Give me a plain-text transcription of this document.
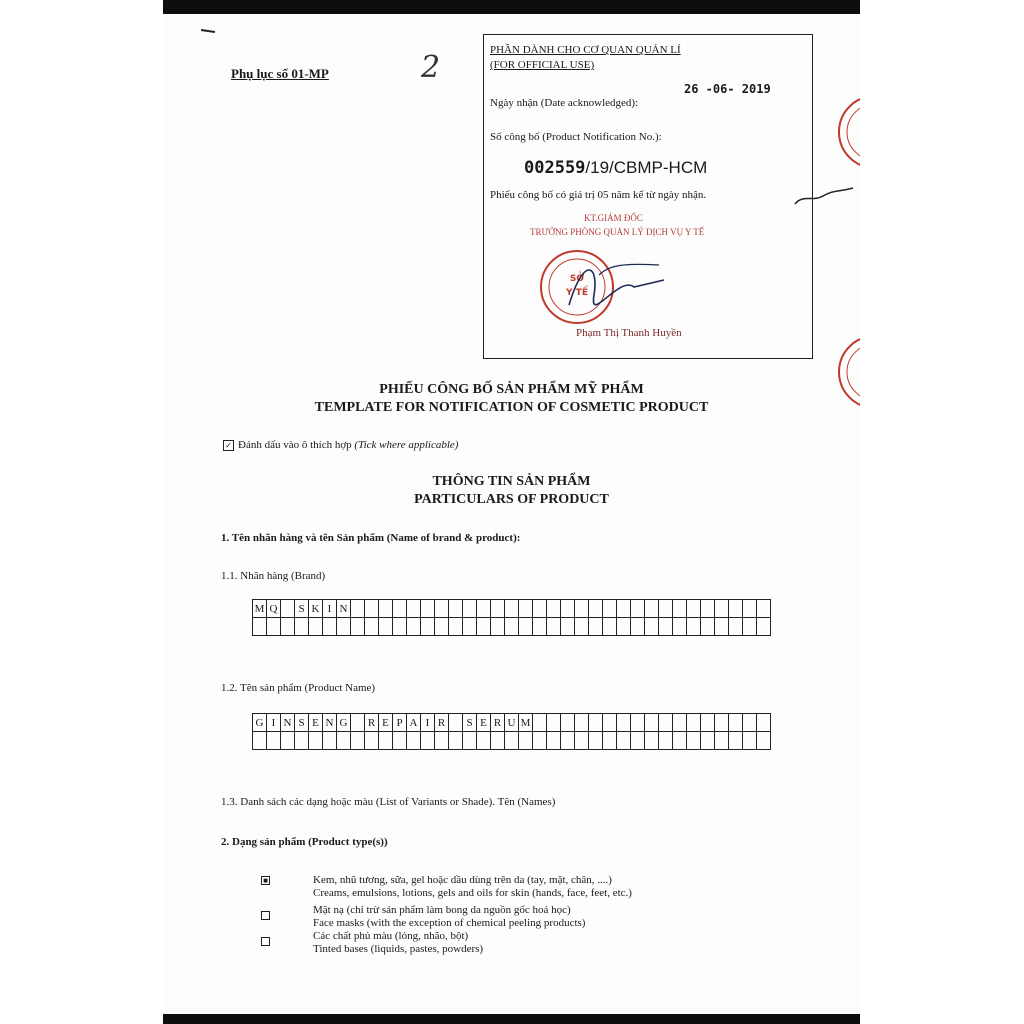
Phụ lục số 01-MP	2	PHẦN DÀNH CHO CƠ QUAN QUẢN LÍ
(FOR OFFICIAL USE)
Ngày nhận (Date acknowledged):
26 -06- 2019
Số công bố (Product Notification No.):
002559/19/CBMP-HCM
Phiếu công bố có giá trị 05 năm kể từ ngày nhận.
KT.GIÁM ĐỐC
TRƯỞNG PHÒNG QUẢN LÝ DỊCH VỤ Y TẾ
SỞ
Y TẾ
Phạm Thị Thanh Huyền
PHIẾU CÔNG BỐ SẢN PHẨM MỸ PHẨM
TEMPLATE FOR NOTIFICATION OF COSMETIC PRODUCT
✓ Đánh dấu vào ô thích hợp (Tick where applicable)
THÔNG TIN SẢN PHẨM
PARTICULARS OF PRODUCT
1. Tên nhãn hàng và tên Sản phẩm (Name of brand & product):
1.1. Nhãn hàng (Brand)
M	Q		S	K	I	N																														

1.2. Tên sản phẩm (Product Name)
G	I	N	S	E	N	G		R	E	P	A	I	R		S	E	R	U	M																	

1.3. Danh sách các dạng hoặc màu (List of Variants or Shade). Tên (Names)
2. Dạng sản phẩm (Product type(s))
■	Kem, nhũ tương, sữa, gel hoặc dầu dùng trên da (tay, mặt, chân, ....)
Creams, emulsions, lotions, gels and oils for skin (hands, face, feet, etc.)
Mặt nạ (chỉ trừ sản phẩm làm bong da nguồn gốc hoá học)
Face masks (with the exception of chemical peeling products)
Các chất phủ màu (lỏng, nhão, bột)
Tinted bases (liquids, pastes, powders)
